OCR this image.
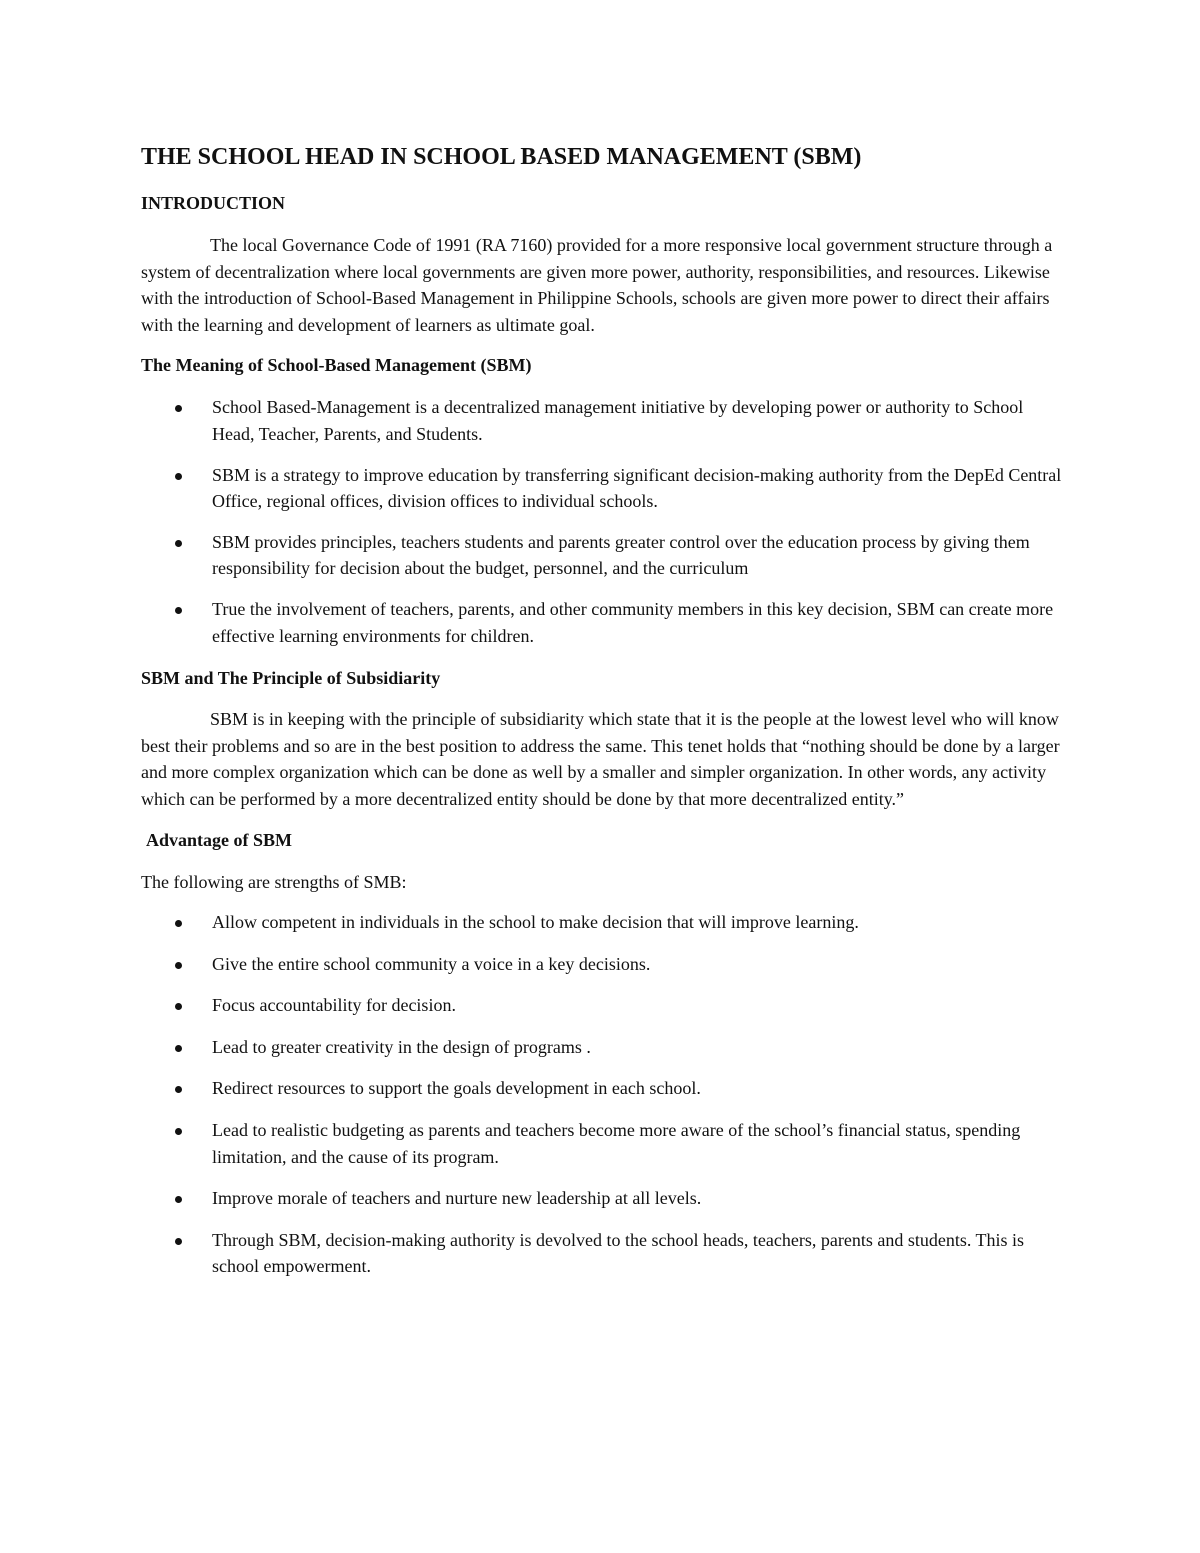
THE SCHOOL HEAD IN SCHOOL BASED MANAGEMENT (SBM)
INTRODUCTION

The local Governance Code of 1991 (RA 7160) provided for a more responsive local government structure through a system of decentralization where local governments are given more power, authority, responsibilities, and resources. Likewise with the introduction of School-Based Management in Philippine Schools, schools are given more power to direct their affairs with the learning and development of learners as ultimate goal.

The Meaning of School-Based Management (SBM)
School Based-Management is a decentralized management initiative by developing power or authority to School Head, Teacher, Parents, and Students.
SBM is a strategy to improve education by transferring significant decision-making authority from the DepEd Central Office, regional offices, division offices to individual schools.
SBM provides principles, teachers students and parents greater control over the education process by giving them responsibility for decision about the budget, personnel, and the curriculum
True the involvement of teachers, parents, and other community members in this key decision, SBM can create more effective learning environments for children.
SBM and The Principle of Subsidiarity

SBM is in keeping with the principle of subsidiarity which state that it is the people at the lowest level who will know best their problems and so are in the best position to address the same. This tenet holds that “nothing should be done by a larger and more complex organization which can be done as well by a smaller and simpler organization. In other words, any activity which can be performed by a more decentralized entity should be done by that more decentralized entity.”

Advantage of SBM

The following are strengths of SMB:

Allow competent in individuals in the school to make decision that will improve learning.
Give the entire school community a voice in a key decisions.
Focus accountability for decision.
Lead to greater creativity in the design of programs .
Redirect resources to support the goals development in each school.
Lead to realistic budgeting as parents and teachers become more aware of the school’s financial status, spending limitation, and the cause of its program.
Improve morale of teachers and nurture new leadership at all levels.
Through SBM, decision-making authority is devolved to the school heads, teachers, parents and students. This is school empowerment.
